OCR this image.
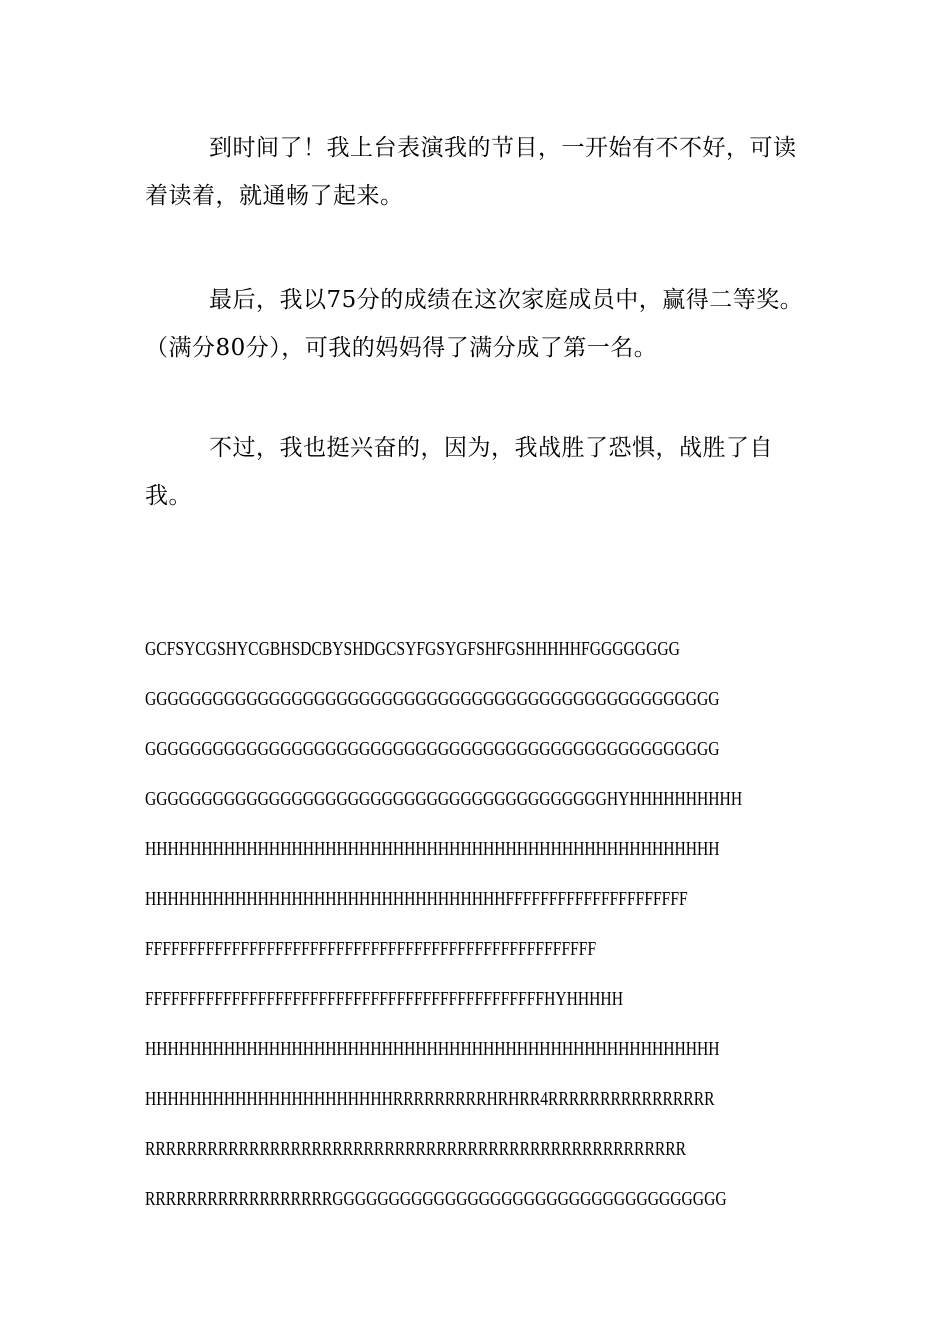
到时间了！我上台表演我的节目，一开始有不不好，可读着读着，就通畅了起来。

最后，我以75分的成绩在这次家庭成员中，赢得二等奖。（满分80分），可我的妈妈得了满分成了第一名。

不过，我也挺兴奋的，因为，我战胜了恐惧，战胜了自我。

GCFSYCGSHYCGBHSDCBYSHDGCSYFGSYGFSHFGSHHHHHFGGGGGGGG
GGGGGGGGGGGGGGGGGGGGGGGGGGGGGGGGGGGGGGGGGGGGGGGGGGG
GGGGGGGGGGGGGGGGGGGGGGGGGGGGGGGGGGGGGGGGGGGGGGGGGGG
GGGGGGGGGGGGGGGGGGGGGGGGGGGGGGGGGGGGGGGGGHYHHHHHHHHHH
HHHHHHHHHHHHHHHHHHHHHHHHHHHHHHHHHHHHHHHHHHHHHHHHHHH
HHHHHHHHHHHHHHHHHHHHHHHHHHHHHHHHFFFFFFFFFFFFFFFFFFFFF
FFFFFFFFFFFFFFFFFFFFFFFFFFFFFFFFFFFFFFFFFFFFFFFFFFFF
FFFFFFFFFFFFFFFFFFFFFFFFFFFFFFFFFFFFFFFFFFFFFFHYHHHHH
HHHHHHHHHHHHHHHHHHHHHHHHHHHHHHHHHHHHHHHHHHHHHHHHHHH
HHHHHHHHHHHHHHHHHHHHHHRRRRRRRRRHRHRR4RRRRRRRRRRRRRRRR
RRRRRRRRRRRRRRRRRRRRRRRRRRRRRRRRRRRRRRRRRRRRRRRRRRRR
RRRRRRRRRRRRRRRRRRGGGGGGGGGGGGGGGGGGGGGGGGGGGGGGGGGGG
